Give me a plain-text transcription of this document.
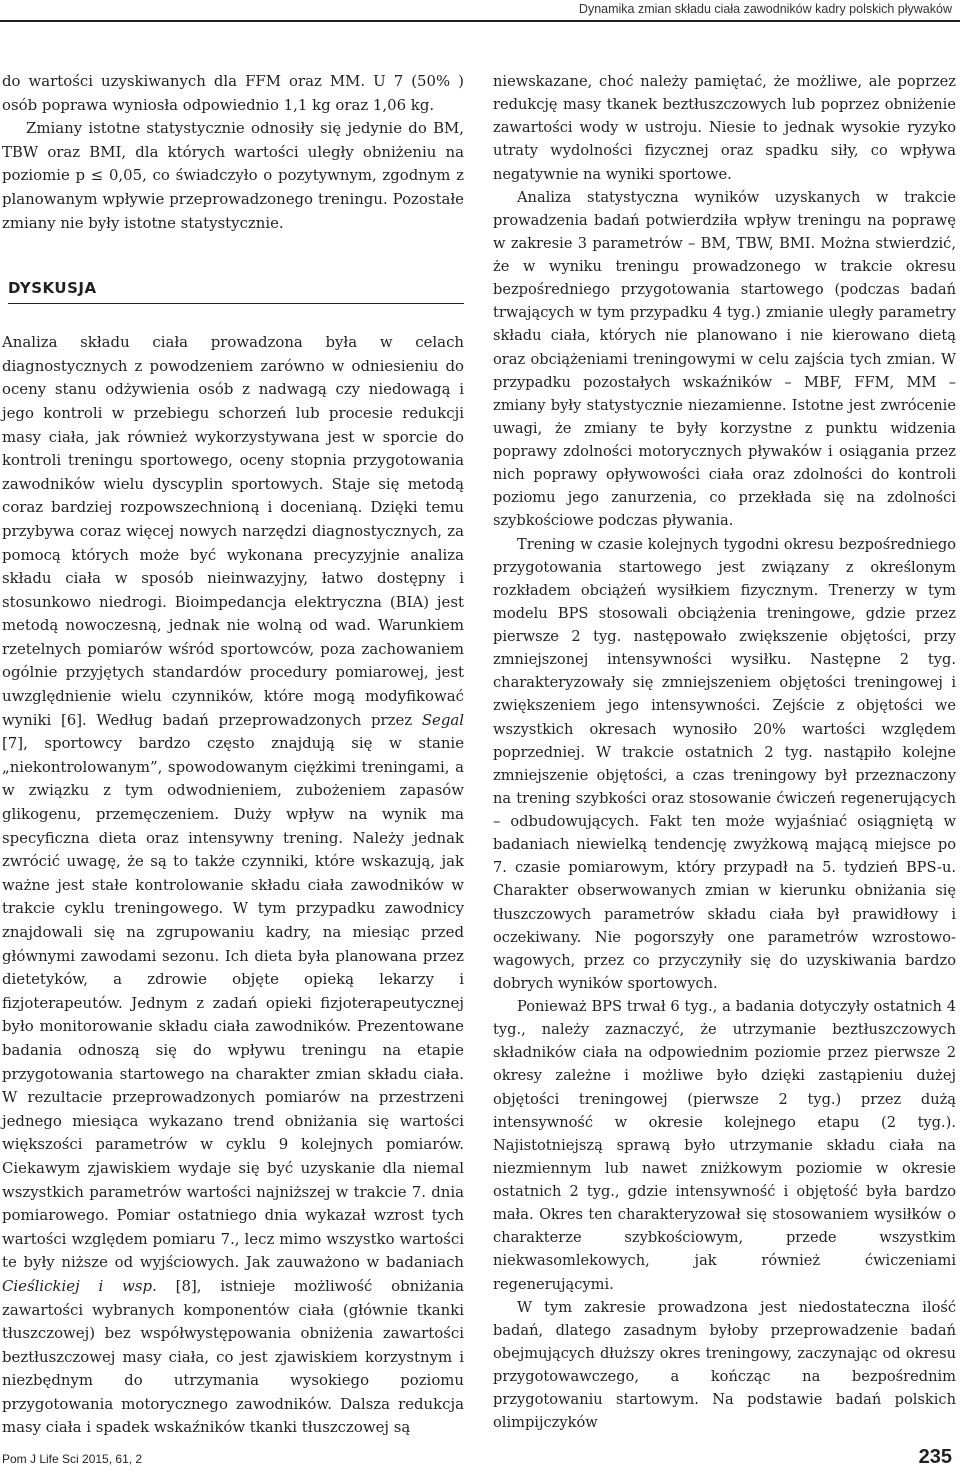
Dynamika zmian składu ciała zawodników kadry polskich pływaków

do wartości uzyskiwanych dla FFM oraz MM. U 7 (50% ) osób poprawa wyniosła odpowiednio 1,1 kg oraz 1,06 kg.

Zmiany istotne statystycznie odnosiły się jedynie do BM, TBW oraz BMI, dla których wartości uległy obniżeniu na poziomie p ≤ 0,05, co świadczyło o pozytywnym, zgodnym z planowanym wpływie przeprowadzonego treningu. Pozostałe zmiany nie były istotne statystycznie.

DYSKUSJA

Analiza składu ciała prowadzona była w celach diagnostycznych z powodzeniem zarówno w odniesieniu do oceny stanu odżywienia osób z nadwagą czy niedowagą i jego kontroli w przebiegu schorzeń lub procesie redukcji masy ciała, jak również wykorzystywana jest w sporcie do kontroli treningu sportowego, oceny stopnia przygotowania zawodników wielu dyscyplin sportowych. Staje się metodą coraz bardziej rozpowszechnioną i docenianą. Dzięki temu przybywa coraz więcej nowych narzędzi diagnostycznych, za pomocą których może być wykonana precyzyjnie analiza składu ciała w sposób nieinwazyjny, łatwo dostępny i stosunkowo niedrogi. Bioimpedancja elektryczna (BIA) jest metodą nowoczesną, jednak nie wolną od wad. Warunkiem rzetelnych pomiarów wśród sportowców, poza zachowaniem ogólnie przyjętych standardów procedury pomiarowej, jest uwzględnienie wielu czynników, które mogą modyfikować wyniki [6]. Według badań przeprowadzonych przez Segal [7], sportowcy bardzo często znajdują się w stanie „niekontrolowanym”, spowodowanym ciężkimi treningami, a w związku z tym odwodnieniem, zubożeniem zapasów glikogenu, przemęczeniem. Duży wpływ na wynik ma specyficzna dieta oraz intensywny trening. Należy jednak zwrócić uwagę, że są to także czynniki, które wskazują, jak ważne jest stałe kontrolowanie składu ciała zawodników w trakcie cyklu treningowego. W tym przypadku zawodnicy znajdowali się na zgrupowaniu kadry, na miesiąc przed głównymi zawodami sezonu. Ich dieta była planowana przez dietetyków, a zdrowie objęte opieką lekarzy i fizjoterapeutów. Jednym z zadań opieki fizjoterapeutycznej było monitorowanie składu ciała zawodników. Prezentowane badania odnoszą się do wpływu treningu na etapie przygotowania startowego na charakter zmian składu ciała. W rezultacie przeprowadzonych pomiarów na przestrzeni jednego miesiąca wykazano trend obniżania się wartości większości parametrów w cyklu 9 kolejnych pomiarów. Ciekawym zjawiskiem wydaje się być uzyskanie dla niemal wszystkich parametrów wartości najniższej w trakcie 7. dnia pomiarowego. Pomiar ostatniego dnia wykazał wzrost tych wartości względem pomiaru 7., lecz mimo wszystko wartości te były niższe od wyjściowych. Jak zauważono w badaniach Cieślickiej i wsp. [8], istnieje możliwość obniżania zawartości wybranych komponentów ciała (głównie tkanki tłuszczowej) bez współwystępowania obniżenia zawartości beztłuszczowej masy ciała, co jest zjawiskiem korzystnym i niezbędnym do utrzymania wysokiego poziomu przygotowania motorycznego zawodników. Dalsza redukcja masy ciała i spadek wskaźników tkanki tłuszczowej są

niewskazane, choć należy pamiętać, że możliwe, ale poprzez redukcję masy tkanek beztłuszczowych lub poprzez obniżenie zawartości wody w ustroju. Niesie to jednak wysokie ryzyko utraty wydolności fizycznej oraz spadku siły, co wpływa negatywnie na wyniki sportowe.

Analiza statystyczna wyników uzyskanych w trakcie prowadzenia badań potwierdziła wpływ treningu na poprawę w zakresie 3 parametrów – BM, TBW, BMI. Można stwierdzić, że w wyniku treningu prowadzonego w trakcie okresu bezpośredniego przygotowania startowego (podczas badań trwających w tym przypadku 4 tyg.) zmianie uległy parametry składu ciała, których nie planowano i nie kierowano dietą oraz obciążeniami treningowymi w celu zajścia tych zmian. W przypadku pozostałych wskaźników – MBF, FFM, MM – zmiany były statystycznie niezamienne. Istotne jest zwrócenie uwagi, że zmiany te były korzystne z punktu widzenia poprawy zdolności motorycznych pływaków i osiągania przez nich poprawy opływowości ciała oraz zdolności do kontroli poziomu jego zanurzenia, co przekłada się na zdolności szybkościowe podczas pływania.

Trening w czasie kolejnych tygodni okresu bezpośredniego przygotowania startowego jest związany z określonym rozkładem obciążeń wysiłkiem fizycznym. Trenerzy w tym modelu BPS stosowali obciążenia treningowe, gdzie przez pierwsze 2 tyg. następowało zwiększenie objętości, przy zmniejszonej intensywności wysiłku. Następne 2 tyg. charakteryzowały się zmniejszeniem objętości treningowej i zwiększeniem jego intensywności. Zejście z objętości we wszystkich okresach wynosiło 20% wartości względem poprzedniej. W trakcie ostatnich 2 tyg. nastąpiło kolejne zmniejszenie objętości, a czas treningowy był przeznaczony na trening szybkości oraz stosowanie ćwiczeń regenerujących – odbudowujących. Fakt ten może wyjaśniać osiągniętą w badaniach niewielką tendencję zwyżkową mającą miejsce po 7. czasie pomiarowym, który przypadł na 5. tydzień BPS-u. Charakter obserwowanych zmian w kierunku obniżania się tłuszczowych parametrów składu ciała był prawidłowy i oczekiwany. Nie pogorszyły one parametrów wzrostowo-wagowych, przez co przyczyniły się do uzyskiwania bardzo dobrych wyników sportowych.

Ponieważ BPS trwał 6 tyg., a badania dotyczyły ostatnich 4 tyg., należy zaznaczyć, że utrzymanie beztłuszczowych składników ciała na odpowiednim poziomie przez pierwsze 2 okresy zależne i możliwe było dzięki zastąpieniu dużej objętości treningowej (pierwsze 2 tyg.) przez dużą intensywność w okresie kolejnego etapu (2 tyg.). Najistotniejszą sprawą było utrzymanie składu ciała na niezmiennym lub nawet zniżkowym poziomie w okresie ostatnich 2 tyg., gdzie intensywność i objętość była bardzo mała. Okres ten charakteryzował się stosowaniem wysiłków o charakterze szybkościowym, przede wszystkim niekwasomlekowych, jak również ćwiczeniami regenerującymi.

W tym zakresie prowadzona jest niedostateczna ilość badań, dlatego zasadnym byłoby przeprowadzenie badań obejmujących dłuższy okres treningowy, zaczynając od okresu przygotowawczego, a kończąc na bezpośrednim przygotowaniu startowym. Na podstawie badań polskich olimpijczyków

Pom J Life Sci 2015, 61, 2	235
